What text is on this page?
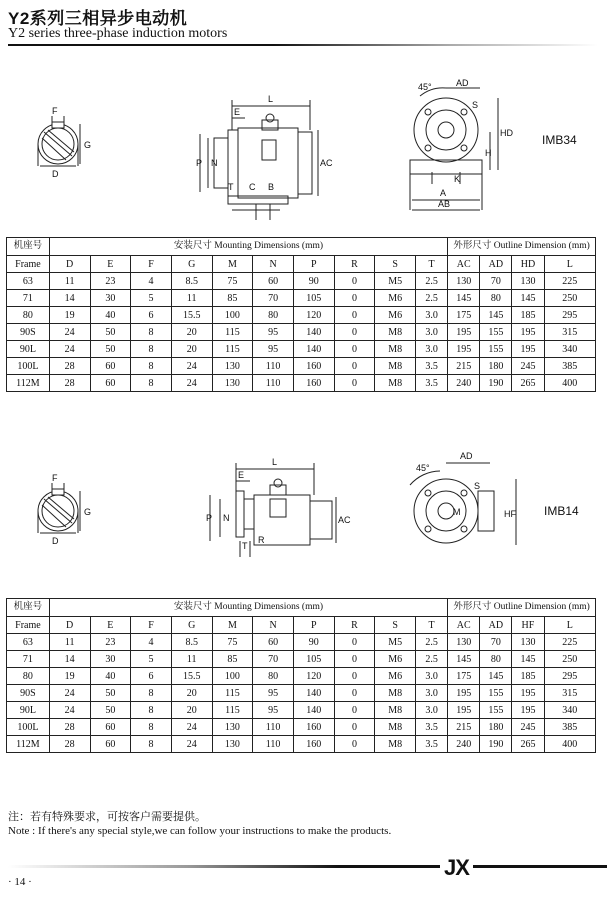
Y2系列三相异步电动机
Y2 series three-phase induction motors
F
G
D
L
E
P N	AC
T C B
45°	AD
S
HD
H
K
A
AB
IMB34
机座号	安装尺寸 Mounting Dimensions (mm)										外形尺寸 Outline Dimension (mm)			
Frame	D	E	F	G	M	N	P	R	S	T	AC	AD	HD	L
63	11	23	4	8.5	75	60	90	0	M5	2.5	130	70	130	225
71	14	30	5	11	85	70	105	0	M6	2.5	145	80	145	250
80	19	40	6	15.5	100	80	120	0	M6	3.0	175	145	185	295
90S	24	50	8	20	115	95	140	0	M8	3.0	195	155	195	315
90L	24	50	8	20	115	95	140	0	M8	3.0	195	155	195	340
100L	28	60	8	24	130	110	160	0	M8	3.5	215	180	245	385
112M	28	60	8	24	130	110	160	0	M8	3.5	240	190	265	400
F
G
D
L
E
P N	AC
T
R
45°
AD
S
M	HF IMB14
机座号	安装尺寸 Mounting Dimensions (mm)										外形尺寸 Outline Dimension (mm)			
Frame	D	E	F	G	M	N	P	R	S	T	AC	AD	HF	L
63	11	23	4	8.5	75	60	90	0	M5	2.5	130	70	130	225
71	14	30	5	11	85	70	105	0	M6	2.5	145	80	145	250
80	19	40	6	15.5	100	80	120	0	M6	3.0	175	145	185	295
90S	24	50	8	20	115	95	140	0	M8	3.0	195	155	195	315
90L	24	50	8	20	115	95	140	0	M8	3.0	195	155	195	340
100L	28	60	8	24	130	110	160	0	M8	3.5	215	180	245	385
112M	28	60	8	24	130	110	160	0	M8	3.5	240	190	265	400
注：若有特殊要求，可按客户需要提供。
Note : If there's any special style,we can follow your instructions to make the products.
JX
· 14 ·
